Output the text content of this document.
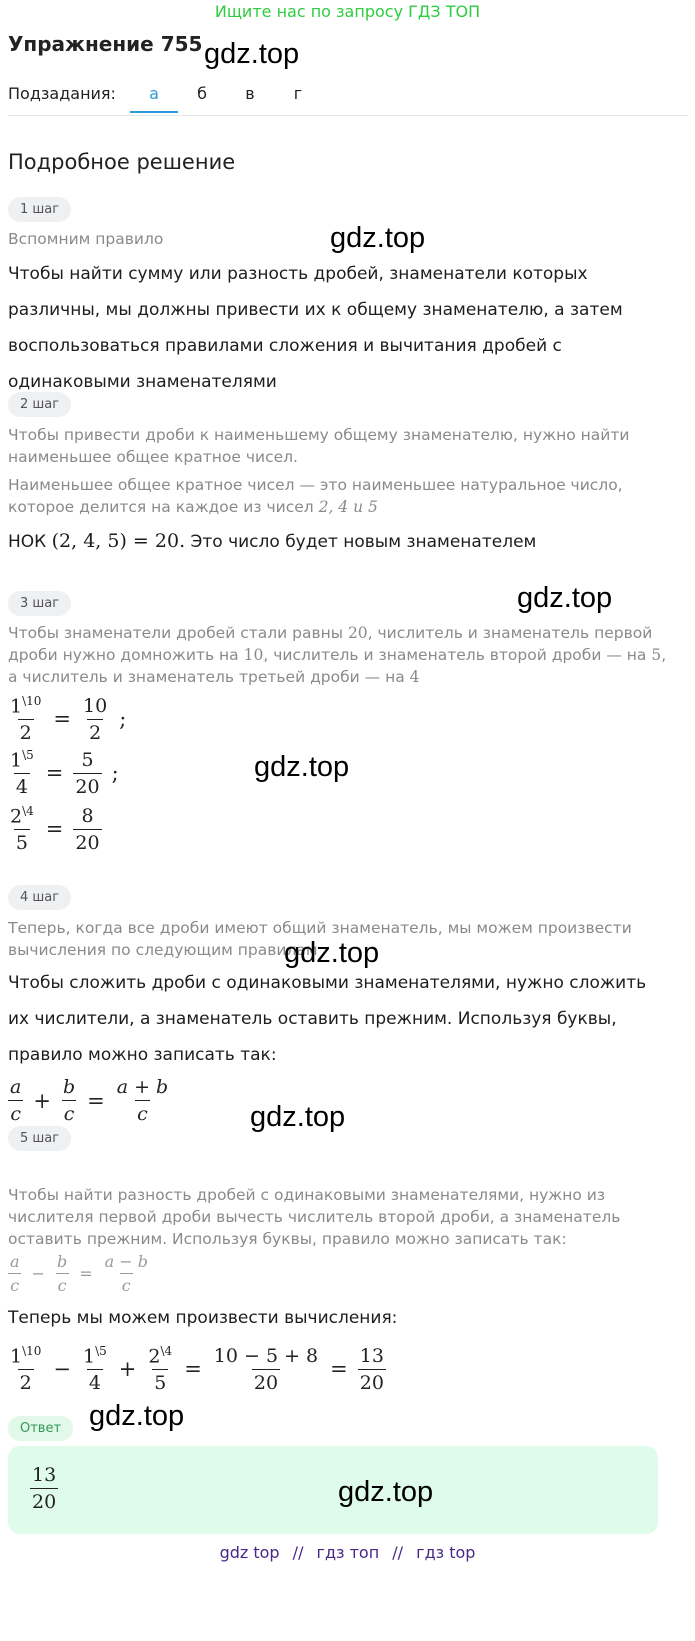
Ищите нас по запросу ГДЗ ТОП
Упражнение 755 gdz.top
Подзадания:	а	б	в	г
Подробное решение
1 шаг
Вспомним правило	gdz.top
Чтобы найти сумму или разность дробей, знаменатели которых различны, мы должны привести их к общему знаменателю, а затем воспользоваться правилами сложения и вычитания дробей с одинаковыми знаменателями
2 шаг
Чтобы привести дроби к наименьшему общему знаменателю, нужно найти наименьшее общее кратное чисел.
Наименьшее общее кратное чисел — это наименьшее натуральное число, которое делится на каждое из чисел 2, 4 и 5
НОК (2, 4, 5) = 20. Это число будет новым знаменателем
3 шаг	gdz.top
Чтобы знаменатели дробей стали равны 20, числитель и знаменатель первой дроби нужно домножить на 10, числитель и знаменатель второй дроби — на 5, а числитель и знаменатель третьей дроби — на 4
$\frac{1^{\backslash 10}}{2} = \frac{10}{2}$ ;
$\frac{1^{\backslash 5}}{4} = \frac{5}{20}$ ;	gdz.top
$\frac{2^{\backslash 4}}{5} = \frac{8}{20}$
4 шаг
Теперь, когда все дроби имеют общий знаменатель, мы можем произвести вычисления по следующим правилам
gdz.top
Чтобы сложить дроби с одинаковыми знаменателями, нужно сложить их числители, а знаменатель оставить прежним. Используя буквы, правило можно записать так:
$\frac{a}{c} + \frac{b}{c} = \frac{a + b}{c}$	gdz.top
5 шаг
Чтобы найти разность дробей с одинаковыми знаменателями, нужно из числителя первой дроби вычесть числитель второй дроби, а знаменатель оставить прежним. Используя буквы, правило можно записать так:
$\frac{a}{c} - \frac{b}{c} = \frac{a - b}{c}$
Теперь мы можем произвести вычисления:
$\frac{1^{\backslash 10}}{2} - \frac{1^{\backslash 5}}{4} + \frac{2^{\backslash 4}}{5} = \frac{10 - 5 + 8}{20} = \frac{13}{20}$
Ответ gdz.top
$\frac{13}{20}$	gdz.top
gdz top // гдз топ // гдз top
